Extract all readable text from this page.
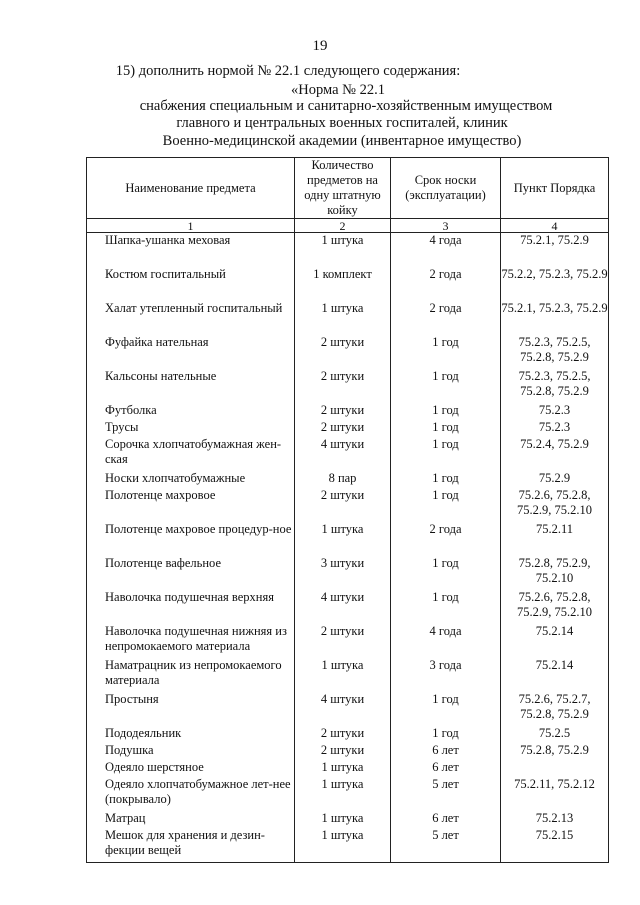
19
15) дополнить нормой № 22.1 следующего содержания:
«Норма № 22.1
снабжения специальным и санитарно-хозяйственным имуществом
главного и центральных военных госпиталей, клиник
Военно-медицинской академии (инвентарное имущество)
Наименование предмета	Количество предметов на одну штатную койку	Срок носки (эксплуатации)	Пункт Порядка
1	2	3	4

Шапка-ушанка меховая	1 штука	4 года	75.2.1, 75.2.9

Костюм госпитальный	1 комплект	2 года	75.2.2, 75.2.3, 75.2.9

Халат утепленный госпитальный	1 штука	2 года	75.2.1, 75.2.3, 75.2.9

Фуфайка нательная	2 штуки	1 год	75.2.3, 75.2.5, 75.2.8, 75.2.9

Кальсоны нательные	2 штуки	1 год	75.2.3, 75.2.5, 75.2.8, 75.2.9

Футболка	2 штуки	1 год	75.2.3

Трусы	2 штуки	1 год	75.2.3

Сорочка хлопчатобумажная жен-ская	4 штуки	1 год	75.2.4, 75.2.9

Носки хлопчатобумажные	8 пар	1 год	75.2.9

Полотенце махровое	2 штуки	1 год	75.2.6, 75.2.8, 75.2.9, 75.2.10

Полотенце махровое процедур-ное	1 штука	2 года	75.2.11

Полотенце вафельное	3 штуки	1 год	75.2.8, 75.2.9, 75.2.10

Наволочка подушечная верхняя	4 штуки	1 год	75.2.6, 75.2.8, 75.2.9, 75.2.10

Наволочка подушечная нижняя из непромокаемого материала	2 штуки	4 года	75.2.14

Наматрацник из непромокаемого материала	1 штука	3 года	75.2.14

Простыня	4 штуки	1 год	75.2.6, 75.2.7, 75.2.8, 75.2.9

Пододеяльник	2 штуки	1 год	75.2.5

Подушка	2 штуки	6 лет	75.2.8, 75.2.9

Одеяло шерстяное	1 штука	6 лет	

Одеяло хлопчатобумажное лет-нее (покрывало)	1 штука	5 лет	75.2.11, 75.2.12

Матрац	1 штука	6 лет	75.2.13

Мешок для хранения и дезин-фекции вещей	1 штука	5 лет	75.2.15
